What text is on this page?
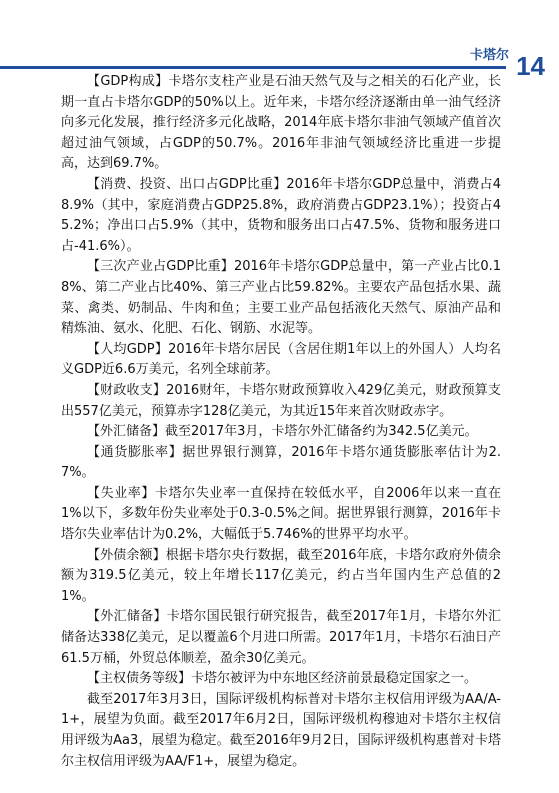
卡塔尔 14

【GDP构成】卡塔尔支柱产业是石油天然气及与之相关的石化产业，长期一直占卡塔尔GDP的50%以上。近年来，卡塔尔经济逐渐由单一油气经济向多元化发展，推行经济多元化战略，2014年底卡塔尔非油气领域产值首次超过油气领域，占GDP的50.7%。2016年非油气领域经济比重进一步提高，达到69.7%。

【消费、投资、出口占GDP比重】2016年卡塔尔GDP总量中，消费占48.9%（其中，家庭消费占GDP25.8%，政府消费占GDP23.1%）；投资占45.2%；净出口占5.9%（其中，货物和服务出口占47.5%、货物和服务进口占-41.6%）。

【三次产业占GDP比重】2016年卡塔尔GDP总量中，第一产业占比0.18%、第二产业占比40%、第三产业占比59.82%。主要农产品包括水果、蔬菜、禽类、奶制品、牛肉和鱼；主要工业产品包括液化天然气、原油产品和精炼油、氨水、化肥、石化、钢筋、水泥等。

【人均GDP】2016年卡塔尔居民（含居住期1年以上的外国人）人均名义GDP近6.6万美元，名列全球前茅。

【财政收支】2016财年，卡塔尔财政预算收入429亿美元，财政预算支出557亿美元，预算赤字128亿美元，为其近15年来首次财政赤字。

【外汇储备】截至2017年3月，卡塔尔外汇储备约为342.5亿美元。

【通货膨胀率】据世界银行测算，2016年卡塔尔通货膨胀率估计为2.7%。

【失业率】卡塔尔失业率一直保持在较低水平，自2006年以来一直在1%以下，多数年份失业率处于0.3-0.5%之间。据世界银行测算，2016年卡塔尔失业率估计为0.2%，大幅低于5.746%的世界平均水平。

【外债余额】根据卡塔尔央行数据，截至2016年底，卡塔尔政府外债余额为319.5亿美元，较上年增长117亿美元，约占当年国内生产总值的21%。

【外汇储备】卡塔尔国民银行研究报告，截至2017年1月，卡塔尔外汇储备达338亿美元，足以覆盖6个月进口所需。2017年1月，卡塔尔石油日产61.5万桶，外贸总体顺差，盈余30亿美元。

【主权债务等级】卡塔尔被评为中东地区经济前景最稳定国家之一。

截至2017年3月3日，国际评级机构标普对卡塔尔主权信用评级为AA/A-1+，展望为负面。截至2017年6月2日，国际评级机构穆迪对卡塔尔主权信用评级为Aa3，展望为稳定。截至2016年9月2日，国际评级机构惠普对卡塔尔主权信用评级为AA/F1+，展望为稳定。
